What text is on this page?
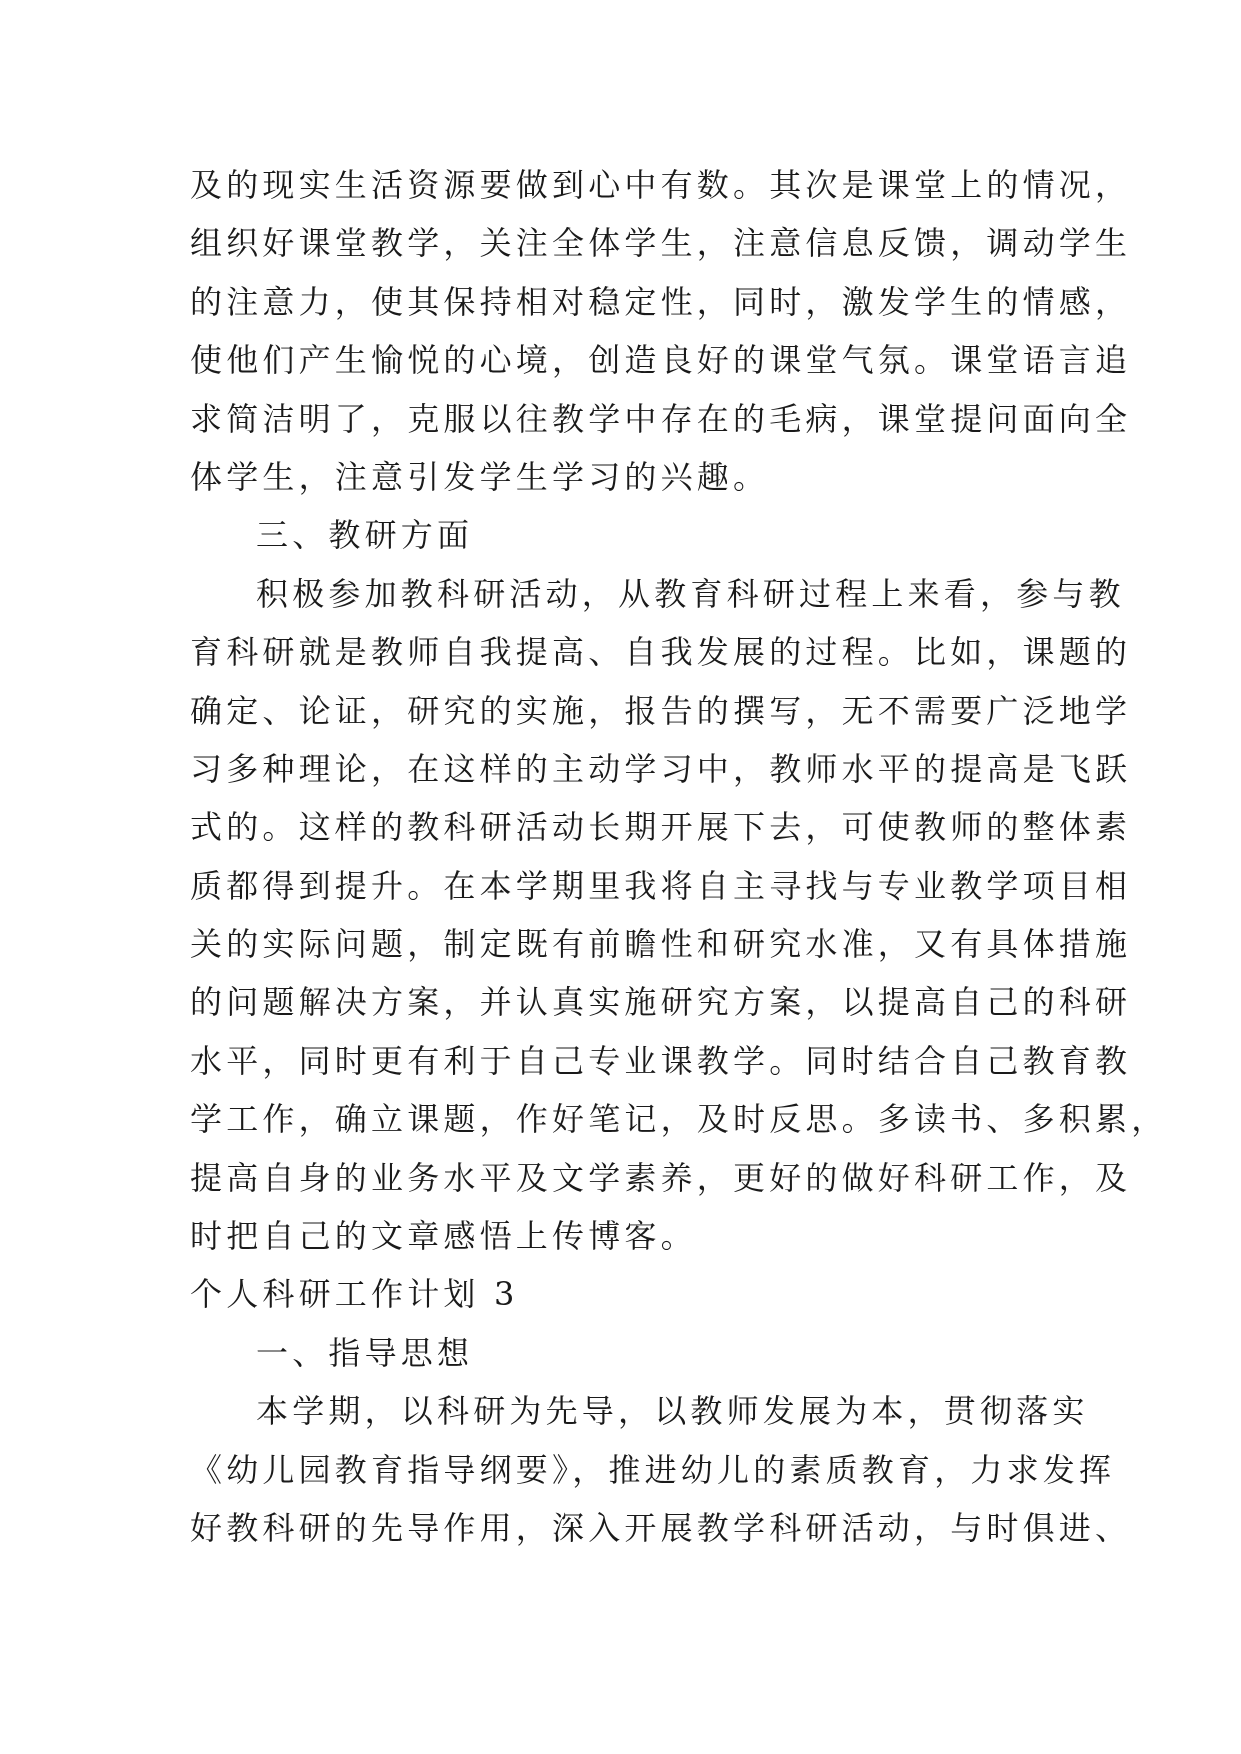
及的现实生活资源要做到心中有数。其次是课堂上的情况，
组织好课堂教学，关注全体学生，注意信息反馈，调动学生
的注意力，使其保持相对稳定性，同时，激发学生的情感，
使他们产生愉悦的心境，创造良好的课堂气氛。课堂语言追
求简洁明了，克服以往教学中存在的毛病，课堂提问面向全
体学生，注意引发学生学习的兴趣。
三、教研方面
积极参加教科研活动，从教育科研过程上来看，参与教
育科研就是教师自我提高、自我发展的过程。比如，课题的
确定、论证，研究的实施，报告的撰写，无不需要广泛地学
习多种理论，在这样的主动学习中，教师水平的提高是飞跃
式的。这样的教科研活动长期开展下去，可使教师的整体素
质都得到提升。在本学期里我将自主寻找与专业教学项目相
关的实际问题，制定既有前瞻性和研究水准，又有具体措施
的问题解决方案，并认真实施研究方案，以提高自己的科研
水平，同时更有利于自己专业课教学。同时结合自己教育教
学工作，确立课题，作好笔记，及时反思。多读书、多积累，
提高自身的业务水平及文学素养，更好的做好科研工作，及
时把自己的文章感悟上传博客。
个人科研工作计划 3
一、指导思想
本学期，以科研为先导，以教师发展为本，贯彻落实
《幼儿园教育指导纲要》，推进幼儿的素质教育，力求发挥
好教科研的先导作用，深入开展教学科研活动，与时俱进、
